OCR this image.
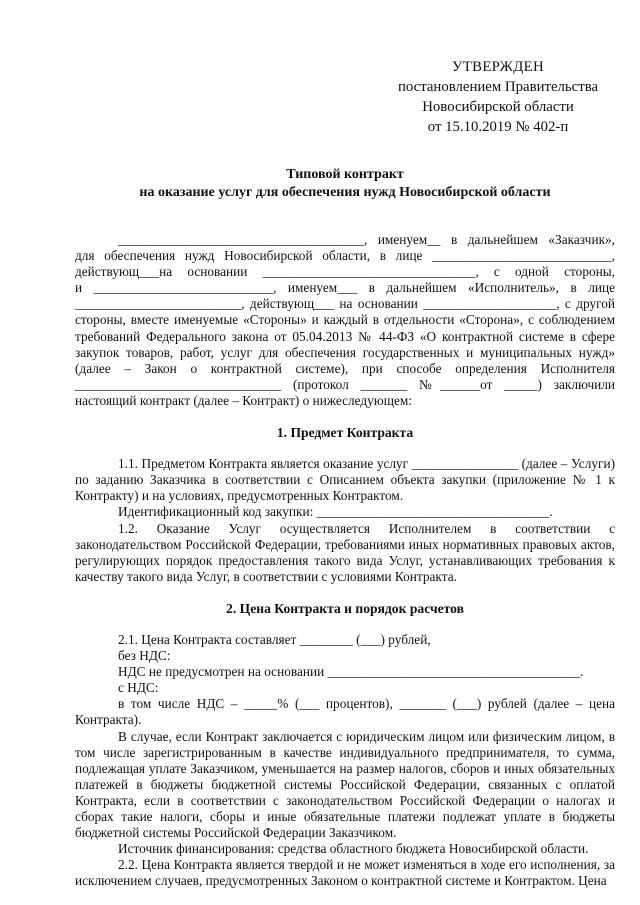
УТВЕРЖДЕН
постановлением Правительства
Новосибирской области
от 15.10.2019 № 402-п
Типовой контракт
на оказание услуг для обеспечения нужд Новосибирской области

_____________________________________, именуем__ в дальнейшем «Заказчик»,

для обеспечения нужд Новосибирской области, в лице ___________________________,

действующ___на основании ________________________________, с одной стороны,

и ___________________________, именуем___ в дальнейшем «Исполнитель», в лице

_________________________, действующ___ на основании ____________________, с другой

стороны, вместе именуемые «Стороны» и каждый в отдельности «Сторона», с соблюдением

требований Федерального закона от 05.04.2013 № 44-ФЗ «О контрактной системе в сфере

закупок товаров, работ, услуг для обеспечения государственных и муниципальных нужд»

(далее – Закон о контрактной системе), при способе определения Исполнителя

_______________________________ (протокол _______ №______от _____) заключили

настоящий контракт (далее – Контракт) о нижеследующем:

1. Предмет Контракта

1.1. Предметом Контракта является оказание услуг ________________ (далее – Услуги) по заданию Заказчика в соответствии с Описанием объекта закупки (приложение № 1 к Контракту) и на условиях, предусмотренных Контрактом.

Идентификационный код закупки: ___________________________________.

1.2. Оказание Услуг осуществляется Исполнителем в соответствии с законодательством Российской Федерации, требованиями иных нормативных правовых актов, регулирующих порядок предоставления такого вида Услуг, устанавливающих требования к качеству такого вида Услуг, в соответствии с условиями Контракта.

2. Цена Контракта и порядок расчетов

2.1. Цена Контракта составляет ________ (___) рублей,

без НДС:

НДС не предусмотрен на основании ______________________________________.

с НДС:

в том числе НДС – _____% (___ процентов), _______ (___) рублей (далее – цена Контракта).

В случае, если Контракт заключается с юридическим лицом или физическим лицом, в том числе зарегистрированным в качестве индивидуального предпринимателя, то сумма, подлежащая уплате Заказчиком, уменьшается на размер налогов, сборов и иных обязательных платежей в бюджеты бюджетной системы Российской Федерации, связанных с оплатой Контракта, если в соответствии с законодательством Российской Федерации о налогах и сборах такие налоги, сборы и иные обязательные платежи подлежат уплате в бюджеты бюджетной системы Российской Федерации Заказчиком.

Источник финансирования: средства областного бюджета Новосибирской области.

2.2. Цена Контракта является твердой и не может изменяться в ходе его исполнения, за исключением случаев, предусмотренных Законом о контрактной системе и Контрактом. Цена
